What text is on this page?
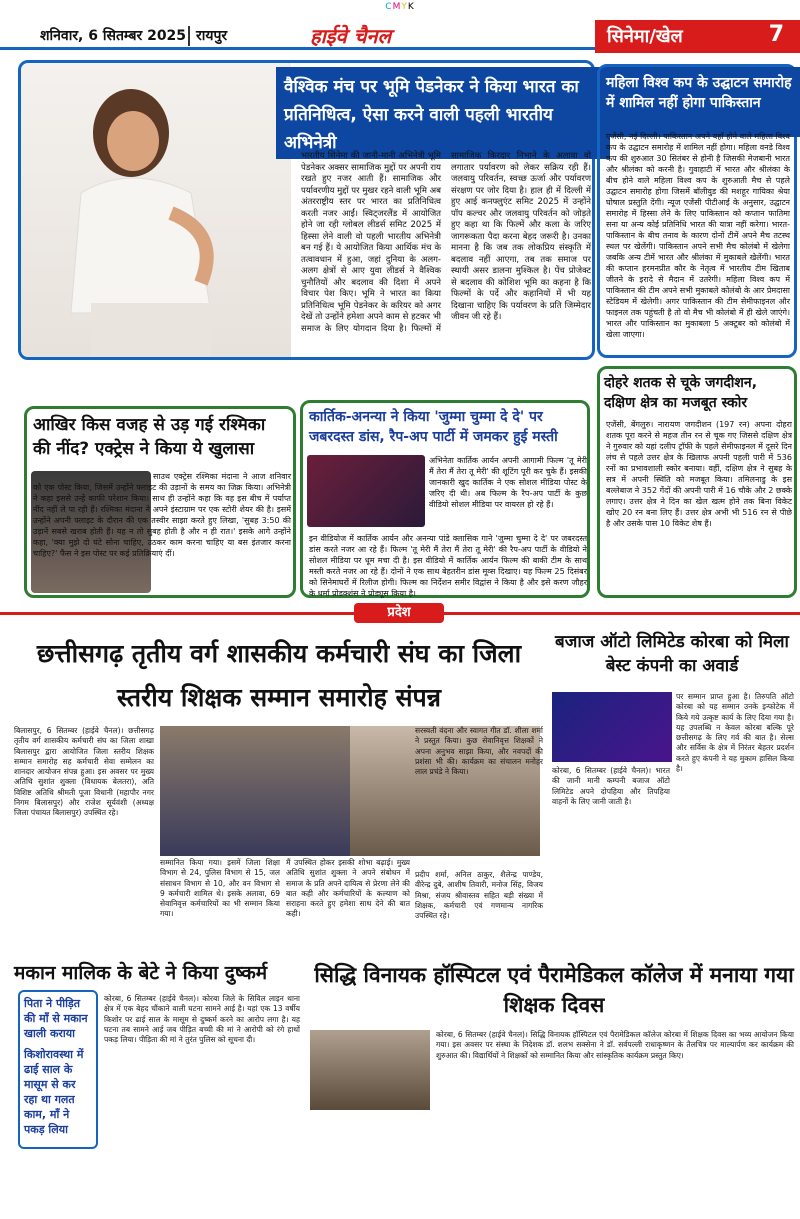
CMYK
शनिवार, 6 सितम्बर 2025 रायपुर	हाईवे चैनल	सिनेमा/खेल	7
वैश्विक मंच पर भूमि पेडनेकर ने किया भारत का प्रतिनिधित्व, ऐसा करने वाली पहली भारतीय अभिनेत्री
भारतीय सिनेमा की जानी-मानी अभिनेत्री भूमि पेडनेकर अक्सर सामाजिक मुद्दों पर अपनी राय रखते हुए नजर आती हैं। सामाजिक और पर्यावरणीय मुद्दों पर मुखर रहने वाली भूमि अब अंतरराष्ट्रीय स्तर पर भारत का प्रतिनिधित्व करती नजर आईं। स्विट्जरलैंड में आयोजित होने जा रही ग्लोबल लीडर्स समिट 2025 में हिस्सा लेने वाली वो पहली भारतीय अभिनेत्री बन गई हैं। ये आयोजित किया आर्थिक मंच के तत्वावधान में हुआ, जहां दुनिया के अलग-अलग क्षेत्रों से आए युवा लीडर्स ने वैश्विक चुनौतियों और बदलाव की दिशा में अपने विचार पेश किए। भूमि ने भारत का किया प्रतिनिधित्व भूमि पेडनेकर के करियर को अगर देखें तो उन्होंने हमेशा अपने काम से हटकर भी समाज के लिए योगदान दिया है। फिल्मों में सामाजिक किरदार निभाने के अलावा वो लगातार पर्यावरण को लेकर सक्रिय रही हैं। जलवायु परिवर्तन, स्वच्छ ऊर्जा और पर्यावरण संरक्षण पर जोर दिया है। हाल ही में दिल्ली में हुए आई कनफ्लुएंट समिट 2025 में उन्होंने पॉप कल्चर और जलवायु परिवर्तन को जोड़ते हुए कहा था कि फिल्में और कला के जरिए जागरूकता पैदा करना बेहद जरूरी है। उनका मानना है कि जब तक लोकप्रिय संस्कृति में बदलाव नहीं आएगा, तब तक समाज पर स्थायी असर डालना मुश्किल है। पेंच प्रोजेक्ट से बदलाव की कोशिश भूमि का कहना है कि फिल्मों के पर्दे और कहानियों में भी यह दिखाना चाहिए कि पर्यावरण के प्रति जिम्मेदार जीवन जी रहे हैं।
महिला विश्व कप के उद्घाटन समारोह में शामिल नहीं होगा पाकिस्तान
एजेंसी, नई दिल्ली। पाकिस्तान अपने यहाँ होने वाले महिला विश्व कप के उद्घाटन समारोह में शामिल नहीं होगा। महिला वनडे विश्व कप की शुरुआत 30 सितंबर से होनी है जिसकी मेजबानी भारत और श्रीलंका को करनी है। गुवाहाटी में भारत और श्रीलंका के बीच होने वाले महिला विश्व कप के शुरुआती मैच से पहले उद्घाटन समारोह होगा जिसमें बॉलीवुड की मशहूर गायिका श्रेया घोषाल प्रस्तुति देंगी। न्यूज एजेंसी पीटीआई के अनुसार, उद्घाटन समारोह में हिस्सा लेने के लिए पाकिस्तान को कप्तान फातिमा सना या अन्य कोई प्रतिनिधि भारत की यात्रा नहीं करेगा। भारत-पाकिस्तान के बीच तनाव के कारण दोनों टीमें अपने मैच तटस्थ स्थल पर खेलेंगी। पाकिस्तान अपने सभी मैच कोलंबो में खेलेगा जबकि अन्य टीमें भारत और श्रीलंका में मुकाबले खेलेंगी। भारत की कप्तान हरमनप्रीत कौर के नेतृत्व में भारतीय टीम खिताब जीतने के इरादे से मैदान में उतरेगी। महिला विश्व कप में पाकिस्तान की टीम अपने सभी मुकाबले कोलंबो के आर प्रेमदासा स्टेडियम में खेलेगी। अगर पाकिस्तान की टीम सेमीफाइनल और फाइनल तक पहुंचती है तो वो मैच भी कोलंबो में ही खेले जाएंगे। भारत और पाकिस्तान का मुकाबला 5 अक्टूबर को कोलंबो में खेला जाएगा।
आखिर किस वजह से उड़ गई रश्मिका की नींद? एक्ट्रेस ने किया ये खुलासा
साउथ एक्ट्रेस रश्मिका मंदाना ने आज शनिवार को एक पोस्ट किया, जिसमें उन्होंने फ्लाइट की उड़ानों के समय का जिक्र किया। अभिनेत्री ने कहा इससे उन्हें काफी परेशान किया। साथ ही उन्होंने कहा कि वह इस बीच में पर्याप्त नींद नहीं ले पा रही हैं। रश्मिका मंदाना ने अपने इंस्टाग्राम पर एक स्टोरी शेयर की है। इसमें उन्होंने अपनी फ्लाइट के दौरान की एक तस्वीर साझा करते हुए लिखा, 'सुबह 3:50 की उड़ानें सबसे खराब होती हैं। यह न तो सुबह होती है और न ही रात।' इसके आगे उन्होंने कहा, 'क्या मुझे दो घंटे सोना चाहिए, उठकर काम करना चाहिए या बस इंतजार करना चाहिए?' फैंस ने इस पोस्ट पर कई प्रतिक्रियाएं दीं।
कार्तिक-अनन्या ने किया 'जुम्मा चुम्मा दे दे' पर जबरदस्त डांस, रैप-अप पार्टी में जमकर हुई मस्ती
अभिनेता कार्तिक आर्यन अपनी आगामी फिल्म 'तू मेरी मैं तेरा मैं तेरा तू मेरी' की शूटिंग पूरी कर चुके हैं। इसकी जानकारी खुद कार्तिक ने एक सोशल मीडिया पोस्ट के जरिए दी थी। अब फिल्म के रैप-अप पार्टी के कुछ वीडियो सोशल मीडिया पर वायरल हो रहे हैं।
इन वीडियोज में कार्तिक आर्यन और अनन्या पांडे क्लासिक गाने 'जुम्मा चुम्मा दे दे' पर जबरदस्त डांस करते नजर आ रहे हैं। फिल्म 'तू मेरी मैं तेरा मैं तेरा तू मेरी' की रैप-अप पार्टी के वीडियो ने सोशल मीडिया पर धूम मचा दी है। इस वीडियो में कार्तिक आर्यन फिल्म की बाकी टीम के साथ मस्ती करते नजर आ रहे हैं। दोनों ने एक साथ बेहतरीन डांस मूव्स दिखाए। यह फिल्म 25 दिसंबर को सिनेमाघरों में रिलीज होगी। फिल्म का निर्देशन समीर विद्वांस ने किया है और इसे करण जौहर के धर्मा प्रोडक्शंस ने प्रोड्यूस किया है।
दोहरे शतक से चूके जगदीशन, दक्षिण क्षेत्र का मजबूत स्कोर
एजेंसी, बेंगलुरु। नारायण जगदीशन (197 रन) अपना दोहरा शतक पूरा करने से महज तीन रन से चूक गए जिससे दक्षिण क्षेत्र ने गुरुवार को यहां दलीप ट्रॉफी के पहले सेमीफाइनल में दूसरे दिन लंच से पहले उत्तर क्षेत्र के खिलाफ अपनी पहली पारी में 536 रनों का प्रभावशाली स्कोर बनाया। वहीं, दक्षिण क्षेत्र ने सुबह के सत्र में अपनी स्थिति को मजबूत किया। तमिलनाडु के इस बल्लेबाज ने 352 गेंदों की अपनी पारी में 16 चौके और 2 छक्के लगाए। उत्तर क्षेत्र ने दिन का खेल खत्म होने तक बिना विकेट खोए 20 रन बना लिए हैं। उत्तर क्षेत्र अभी भी 516 रन से पीछे है और उसके पास 10 विकेट शेष हैं।
प्रदेश
छत्तीसगढ़ तृतीय वर्ग शासकीय कर्मचारी संघ का जिला स्तरीय शिक्षक सम्मान समारोह संपन्न
बिलासपुर, 6 सितम्बर (हाईवे चैनल)। छत्तीसगढ़ तृतीय वर्ग शासकीय कर्मचारी संघ का जिला शाखा बिलासपुर द्वारा आयोजित जिला स्तरीय शिक्षक सम्मान समारोह सह कर्मचारी सेवा सम्मेलन का शानदार आयोजन संपन्न हुआ। इस अवसर पर मुख्य अतिथि सुशांत शुक्ला (विधायक बेलतरा), अति विशिष्ट अतिथि श्रीमती पूजा विधानी (महापौर नगर निगम बिलासपुर) और राजेश सूर्यवंशी (अध्यक्ष जिला पंचायत बिलासपुर) उपस्थित रहे।
सम्मानित किया गया। इसमें जिला शिक्षा विभाग से 24, पुलिस विभाग से 15, जल संसाधन विभाग से 10, और वन विभाग से 9 कर्मचारी शामिल थे। इसके अलावा, 69 सेवानिवृत्त कर्मचारियों का भी सम्मान किया गया।
मैं उपस्थित होकर इसकी शोभा बढ़ाई। मुख्य अतिथि सुशांत शुक्ला ने अपने संबोधन में समाज के प्रति अपने दायित्व से प्रेरणा लेने की बात कही और कर्मचारियों के कल्याण को सराहना करते हुए हमेशा साथ देने की बात कही।
सरस्वती वंदना और स्वागत गीत डॉ. शीला शर्मा ने प्रस्तुत किया। कुछ सेवानिवृत्त शिक्षकों ने अपना अनुभव साझा किया, और नवपदों की प्रशंसा भी की। कार्यक्रम का संचालन मनोहर लाल प्रचंडे ने किया।
प्रदीप शर्मा, अनिल ठाकुर, शैलेन्द्र पाण्डेय, वीरेन्द्र दुबे, आशीष तिवारी, मनोज सिंह, विजय मिश्रा, संजय श्रीवास्तव सहित बड़ी संख्या में शिक्षक, कर्मचारी एवं गणमान्य नागरिक उपस्थित रहे।
बजाज ऑटो लिमिटेड कोरबा को मिला बेस्ट कंपनी का अवार्ड
कोरबा, 6 सितम्बर (हाईवे चैनल)। भारत की जानी मानी कम्पनी बजाज ऑटो लिमिटेड अपने दोपहिया और तिपहिया वाहनों के लिए जानी जाती है।
पर सम्मान प्राप्त हुआ है। तिरुपति ऑटो कोरबा को यह सम्मान उनके इन्फोटेक में किये गये उत्कृष्ट कार्य के लिए दिया गया है। यह उपलब्धि न केवल कोरबा बल्कि पूरे छत्तीसगढ़ के लिए गर्व की बात है। सेल्स और सर्विस के क्षेत्र में निरंतर बेहतर प्रदर्शन करते हुए कंपनी ने यह मुकाम हासिल किया है।
मकान मालिक के बेटे ने किया दुष्कर्म
पिता ने पीड़ित की माँ से मकान खाली कराया
किशोरावस्था में ढाई साल के मासूम से कर रहा था गलत काम, माँ ने पकड़ लिया
कोरबा, 6 सितम्बर (हाईवे चैनल)। कोरबा जिले के सिविल लाइन थाना क्षेत्र में एक बेहद चौंकाने वाली घटना सामने आई है। यहां एक 13 वर्षीय किशोर पर ढाई साल के मासूम से दुष्कर्म करने का आरोप लगा है। यह घटना तब सामने आई जब पीड़ित बच्ची की मां ने आरोपी को रंगे हाथों पकड़ लिया। पीड़िता की मां ने तुरंत पुलिस को सूचना दी।
सिद्धि विनायक हॉस्पिटल एवं पैरामेडिकल कॉलेज में मनाया गया शिक्षक दिवस
कोरबा, 6 सितम्बर (हाईवे चैनल)। सिद्धि विनायक हॉस्पिटल एवं पैरामेडिकल कॉलेज कोरबा में शिक्षक दिवस का भव्य आयोजन किया गया। इस अवसर पर संस्था के निदेशक डॉ. शलभ सक्सेना ने डॉ. सर्वपल्ली राधाकृष्णन के तैलचित्र पर माल्यार्पण कर कार्यक्रम की शुरुआत की। विद्यार्थियों ने शिक्षकों को सम्मानित किया और सांस्कृतिक कार्यक्रम प्रस्तुत किए।
